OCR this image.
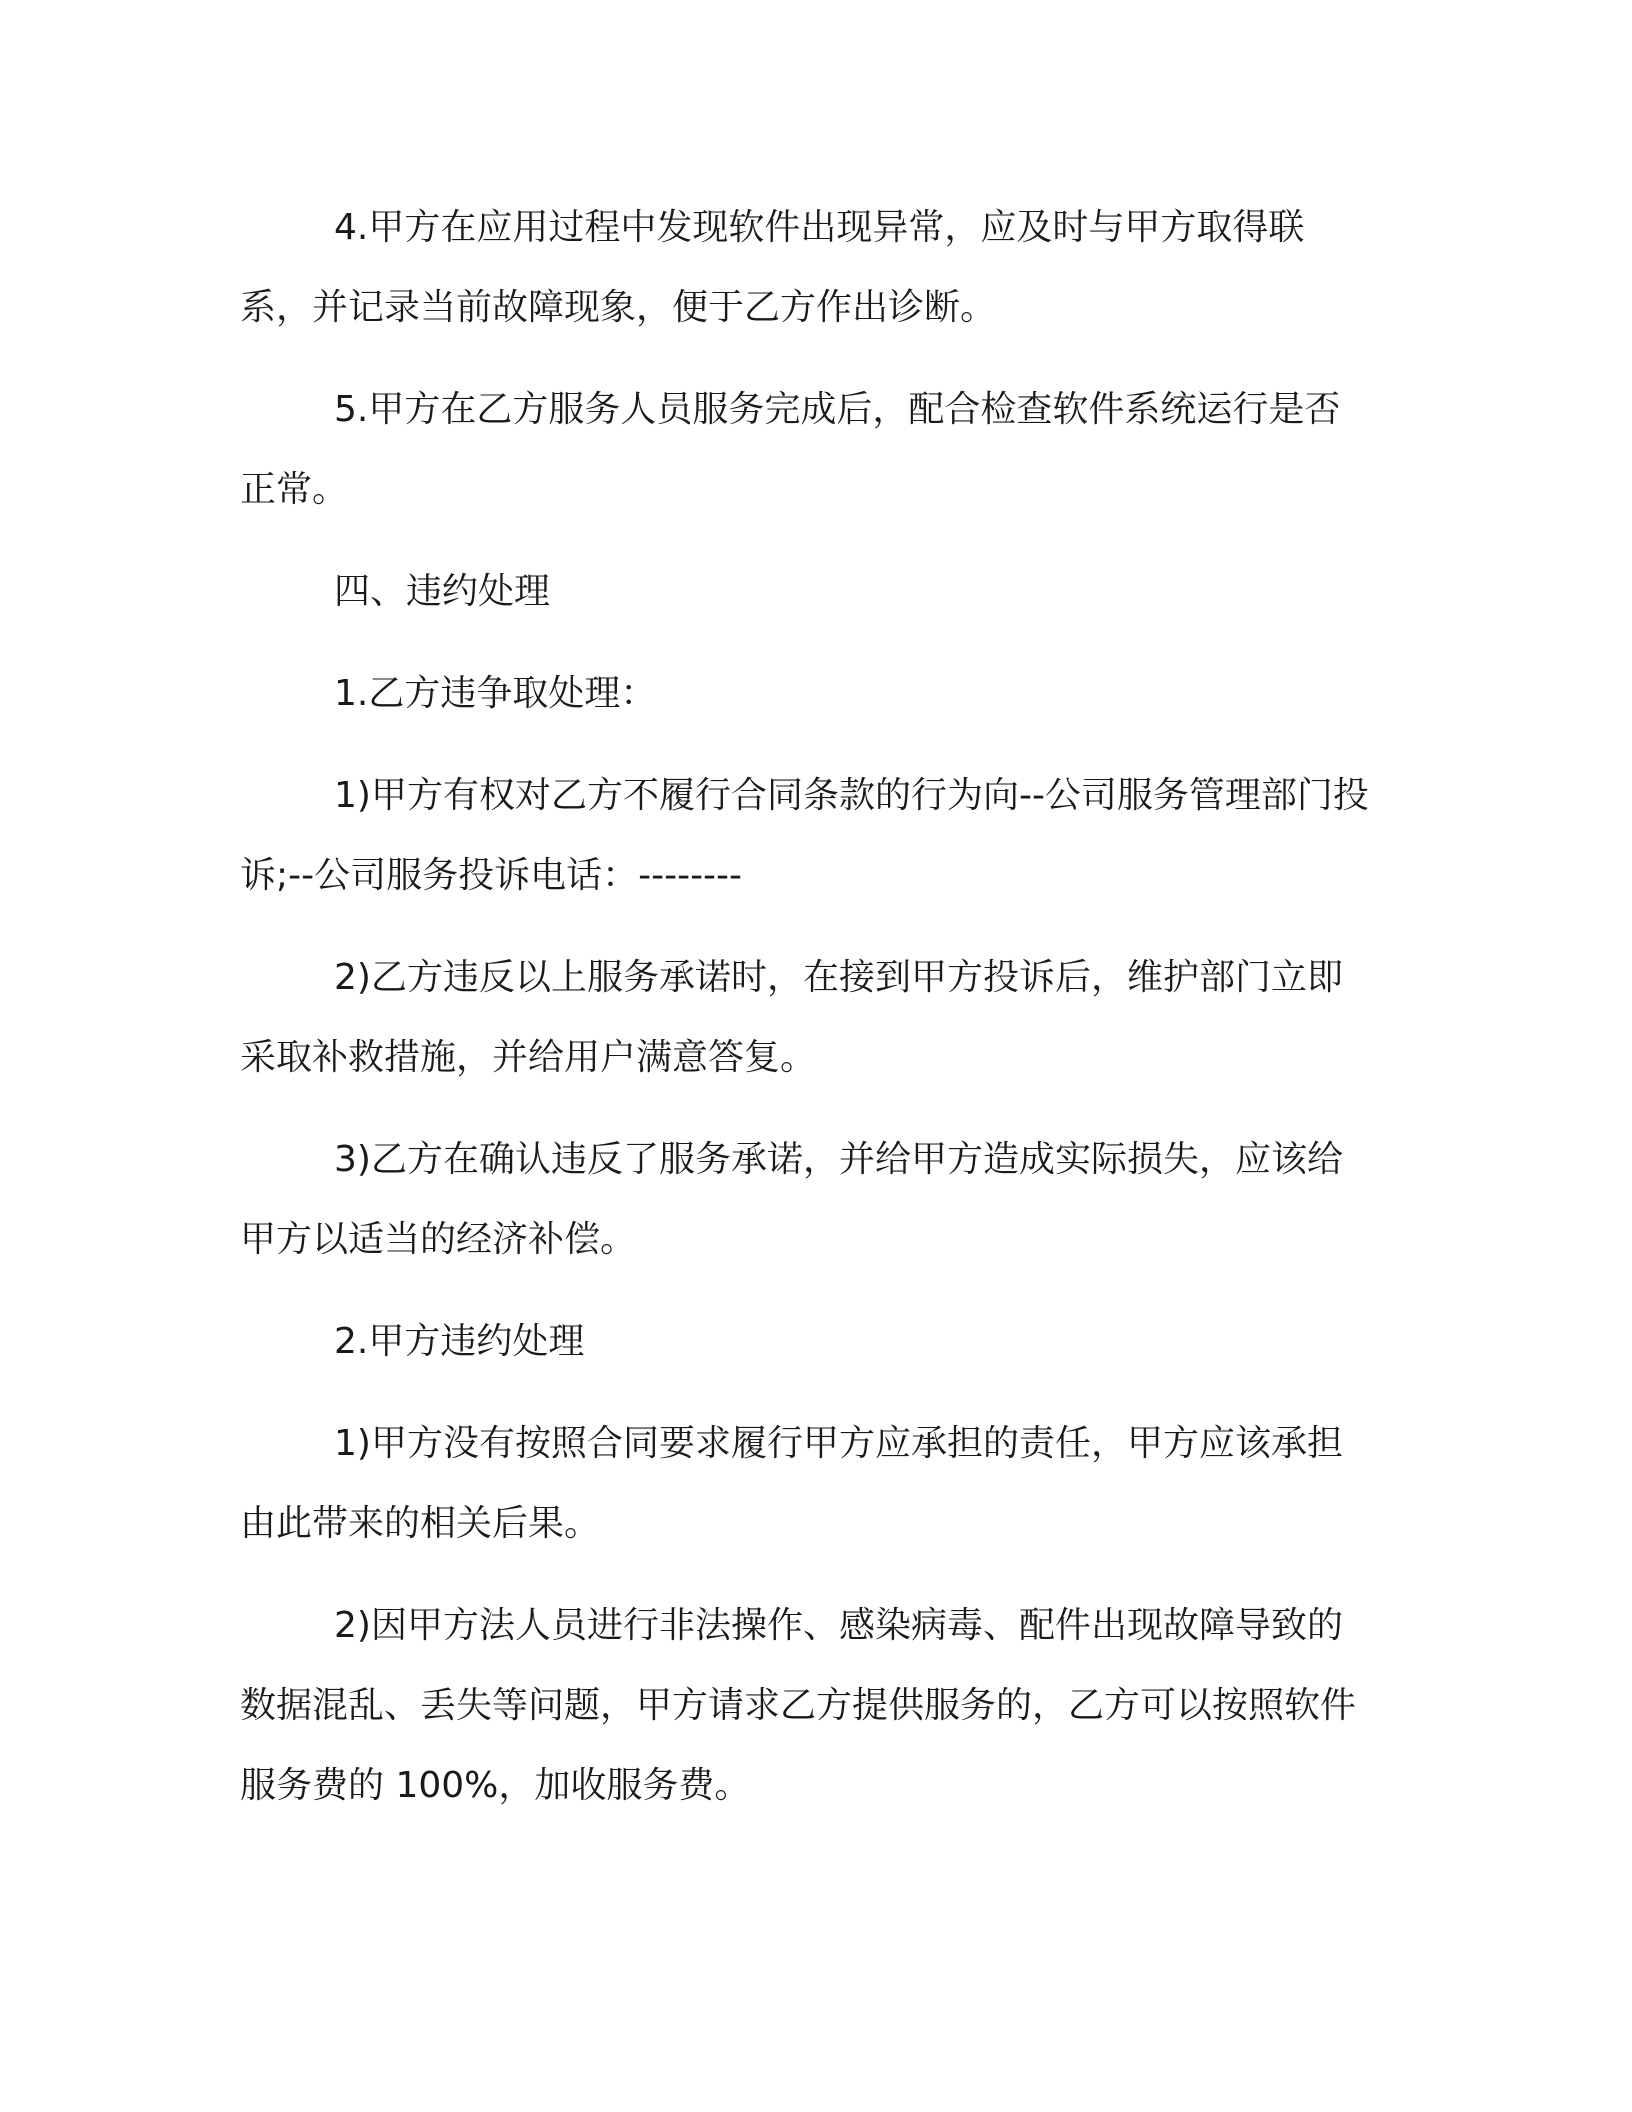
4.甲方在应用过程中发现软件出现异常，应及时与甲方取得联系，并记录当前故障现象，便于乙方作出诊断。

5.甲方在乙方服务人员服务完成后，配合检查软件系统运行是否正常。

四、违约处理

1.乙方违争取处理：

1)甲方有权对乙方不履行合同条款的行为向--公司服务管理部门投诉;--公司服务投诉电话：--------

2)乙方违反以上服务承诺时，在接到甲方投诉后，维护部门立即采取补救措施，并给用户满意答复。

3)乙方在确认违反了服务承诺，并给甲方造成实际损失，应该给甲方以适当的经济补偿。

2.甲方违约处理

1)甲方没有按照合同要求履行甲方应承担的责任，甲方应该承担由此带来的相关后果。

2)因甲方法人员进行非法操作、感染病毒、配件出现故障导致的数据混乱、丢失等问题，甲方请求乙方提供服务的，乙方可以按照软件服务费的 100%，加收服务费。
